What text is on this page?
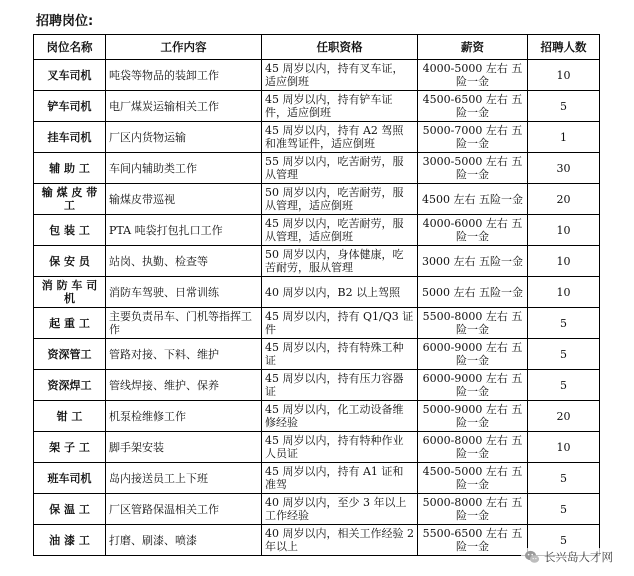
招聘岗位:
岗位名称	工作内容	任职资格	薪资	招聘人数
叉车司机	吨袋等物品的装卸工作	45 周岁以内，持有叉车证，适应倒班	4000-5000 左右 五险一金	10
铲车司机	电厂煤炭运输相关工作	45 周岁以内，持有铲车证件，适应倒班	4500-6500 左右 五险一金	5
挂车司机	厂区内货物运输	45 周岁以内，持有 A2 驾照和准驾证件，适应倒班	5000-7000 左右 五险一金	1
辅 助 工	车间内辅助类工作	55 周岁以内，吃苦耐劳，服从管理	3000-5000 左右 五险一金	30
输 煤 皮 带 工	输煤皮带巡视	50 周岁以内，吃苦耐劳，服从管理，适应倒班	4500 左右 五险一金	20
包 装 工	PTA 吨袋打包扎口工作	45 周岁以内，吃苦耐劳，服从管理，适应倒班	4000-6000 左右 五险一金	10
保 安 员	站岗、执勤、检查等	50 周岁以内，身体健康，吃苦耐劳，服从管理	3000 左右 五险一金	10
消 防 车 司 机	消防车驾驶、日常训练	40 周岁以内，B2 以上驾照	5000 左右 五险一金	10
起 重 工	主要负责吊车、门机等指挥工作	45 周岁以内，持有 Q1/Q3 证件	5500-8000 左右 五险一金	5
资深管工	管路对接、下料、维护	45 周岁以内，持有特殊工种证	6000-9000 左右 五险一金	5
资深焊工	管线焊接、维护、保养	45 周岁以内，持有压力容器证	6000-9000 左右 五险一金	5
钳 工	机泵检维修工作	45 周岁以内，化工动设备维修经验	5000-9000 左右 五险一金	20
架 子 工	脚手架安装	45 周岁以内，持有特种作业人员证	6000-8000 左右 五险一金	10
班车司机	岛内接送员工上下班	45 周岁以内，持有 A1 证和准驾	4500-5000 左右 五险一金	5
保 温 工	厂区管路保温相关工作	40 周岁以内，至少 3 年以上工作经验	5000-8000 左右 五险一金	5
油 漆 工	打磨、刷漆、喷漆	40 周岁以内，相关工作经验 2 年以上	5500-6500 左右 五险一金	5
长兴岛人才网
